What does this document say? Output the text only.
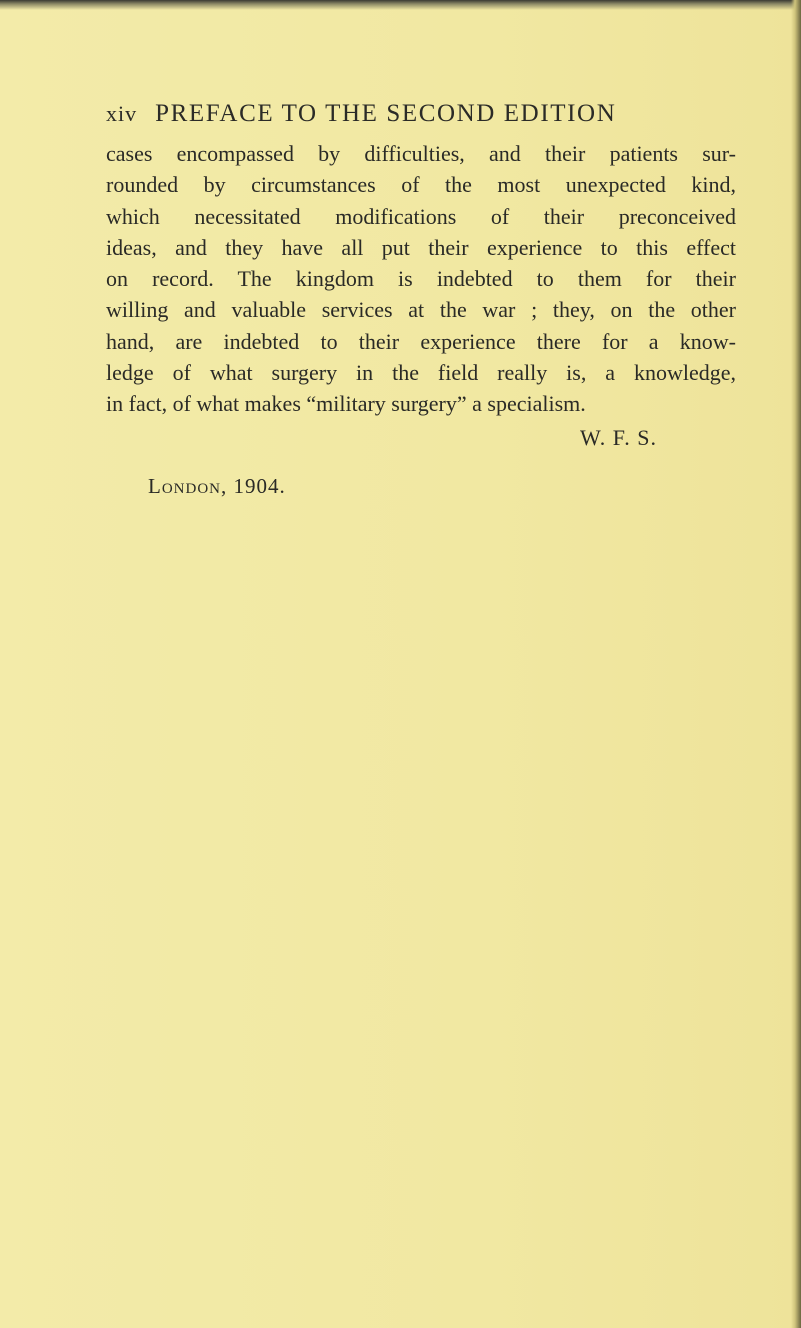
xiv PREFACE TO THE SECOND EDITION
cases encompassed by difficulties, and their patients sur-
rounded by circumstances of the most unexpected kind,
which necessitated modifications of their preconceived
ideas, and they have all put their experience to this effect
on record. The kingdom is indebted to them for their
willing and valuable services at the war ; they, on the other
hand, are indebted to their experience there for a know-
ledge of what surgery in the field really is, a knowledge,
in fact, of what makes “military surgery” a specialism.
W. F. S.
London, 1904.
